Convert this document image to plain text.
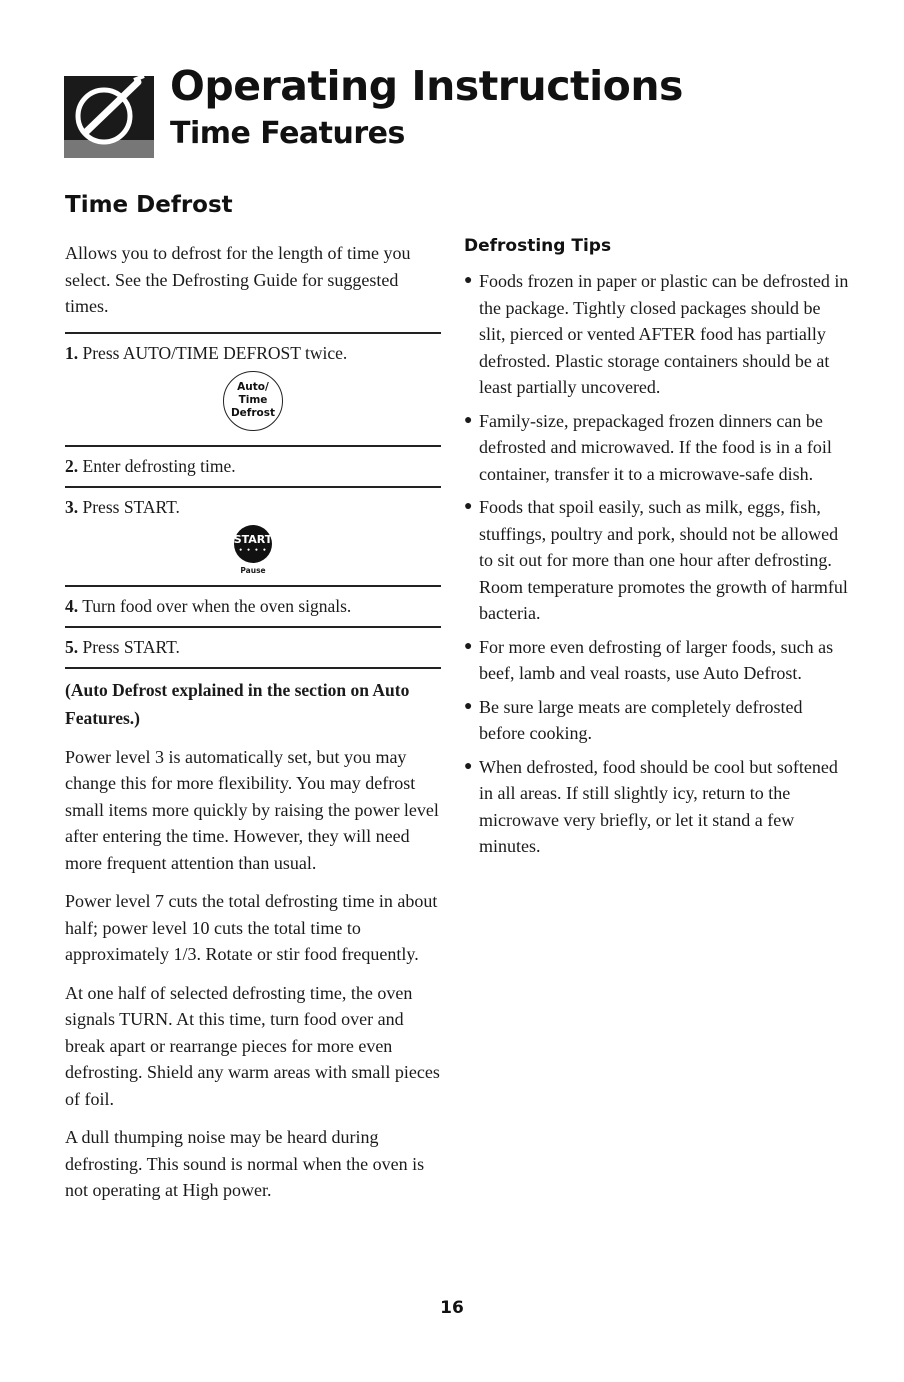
Operating Instructions
Time Features
Time Defrost

Allows you to defrost for the length of time you select. See the Defrosting Guide for suggested times.

1. Press AUTO/TIME DEFROST twice.
Auto/
Time
Defrost
2. Enter defrosting time.
3. Press START.
START
• • • •
Pause
4. Turn food over when the oven signals.
5. Press START.
(Auto Defrost explained in the section on Auto Features.)

Power level 3 is automatically set, but you may change this for more flexibility. You may defrost small items more quickly by raising the power level after entering the time. However, they will need more frequent attention than usual.

Power level 7 cuts the total defrosting time in about half; power level 10 cuts the total time to approximately 1/3. Rotate or stir food frequently.

At one half of selected defrosting time, the oven signals TURN. At this time, turn food over and break apart or rearrange pieces for more even defrosting. Shield any warm areas with small pieces of foil.

A dull thumping noise may be heard during defrosting. This sound is normal when the oven is not operating at High power.

Defrosting Tips
● Foods frozen in paper or plastic can be defrosted in the package. Tightly closed packages should be slit, pierced or vented AFTER food has partially defrosted. Plastic storage containers should be at least partially uncovered.
● Family-size, prepackaged frozen dinners can be defrosted and microwaved. If the food is in a foil container, transfer it to a microwave-safe dish.
● Foods that spoil easily, such as milk, eggs, fish, stuffings, poultry and pork, should not be allowed to sit out for more than one hour after defrosting. Room temperature promotes the growth of harmful bacteria.
● For more even defrosting of larger foods, such as beef, lamb and veal roasts, use Auto Defrost.
● Be sure large meats are completely defrosted before cooking.
● When defrosted, food should be cool but softened in all areas. If still slightly icy, return to the microwave very briefly, or let it stand a few minutes.
16
